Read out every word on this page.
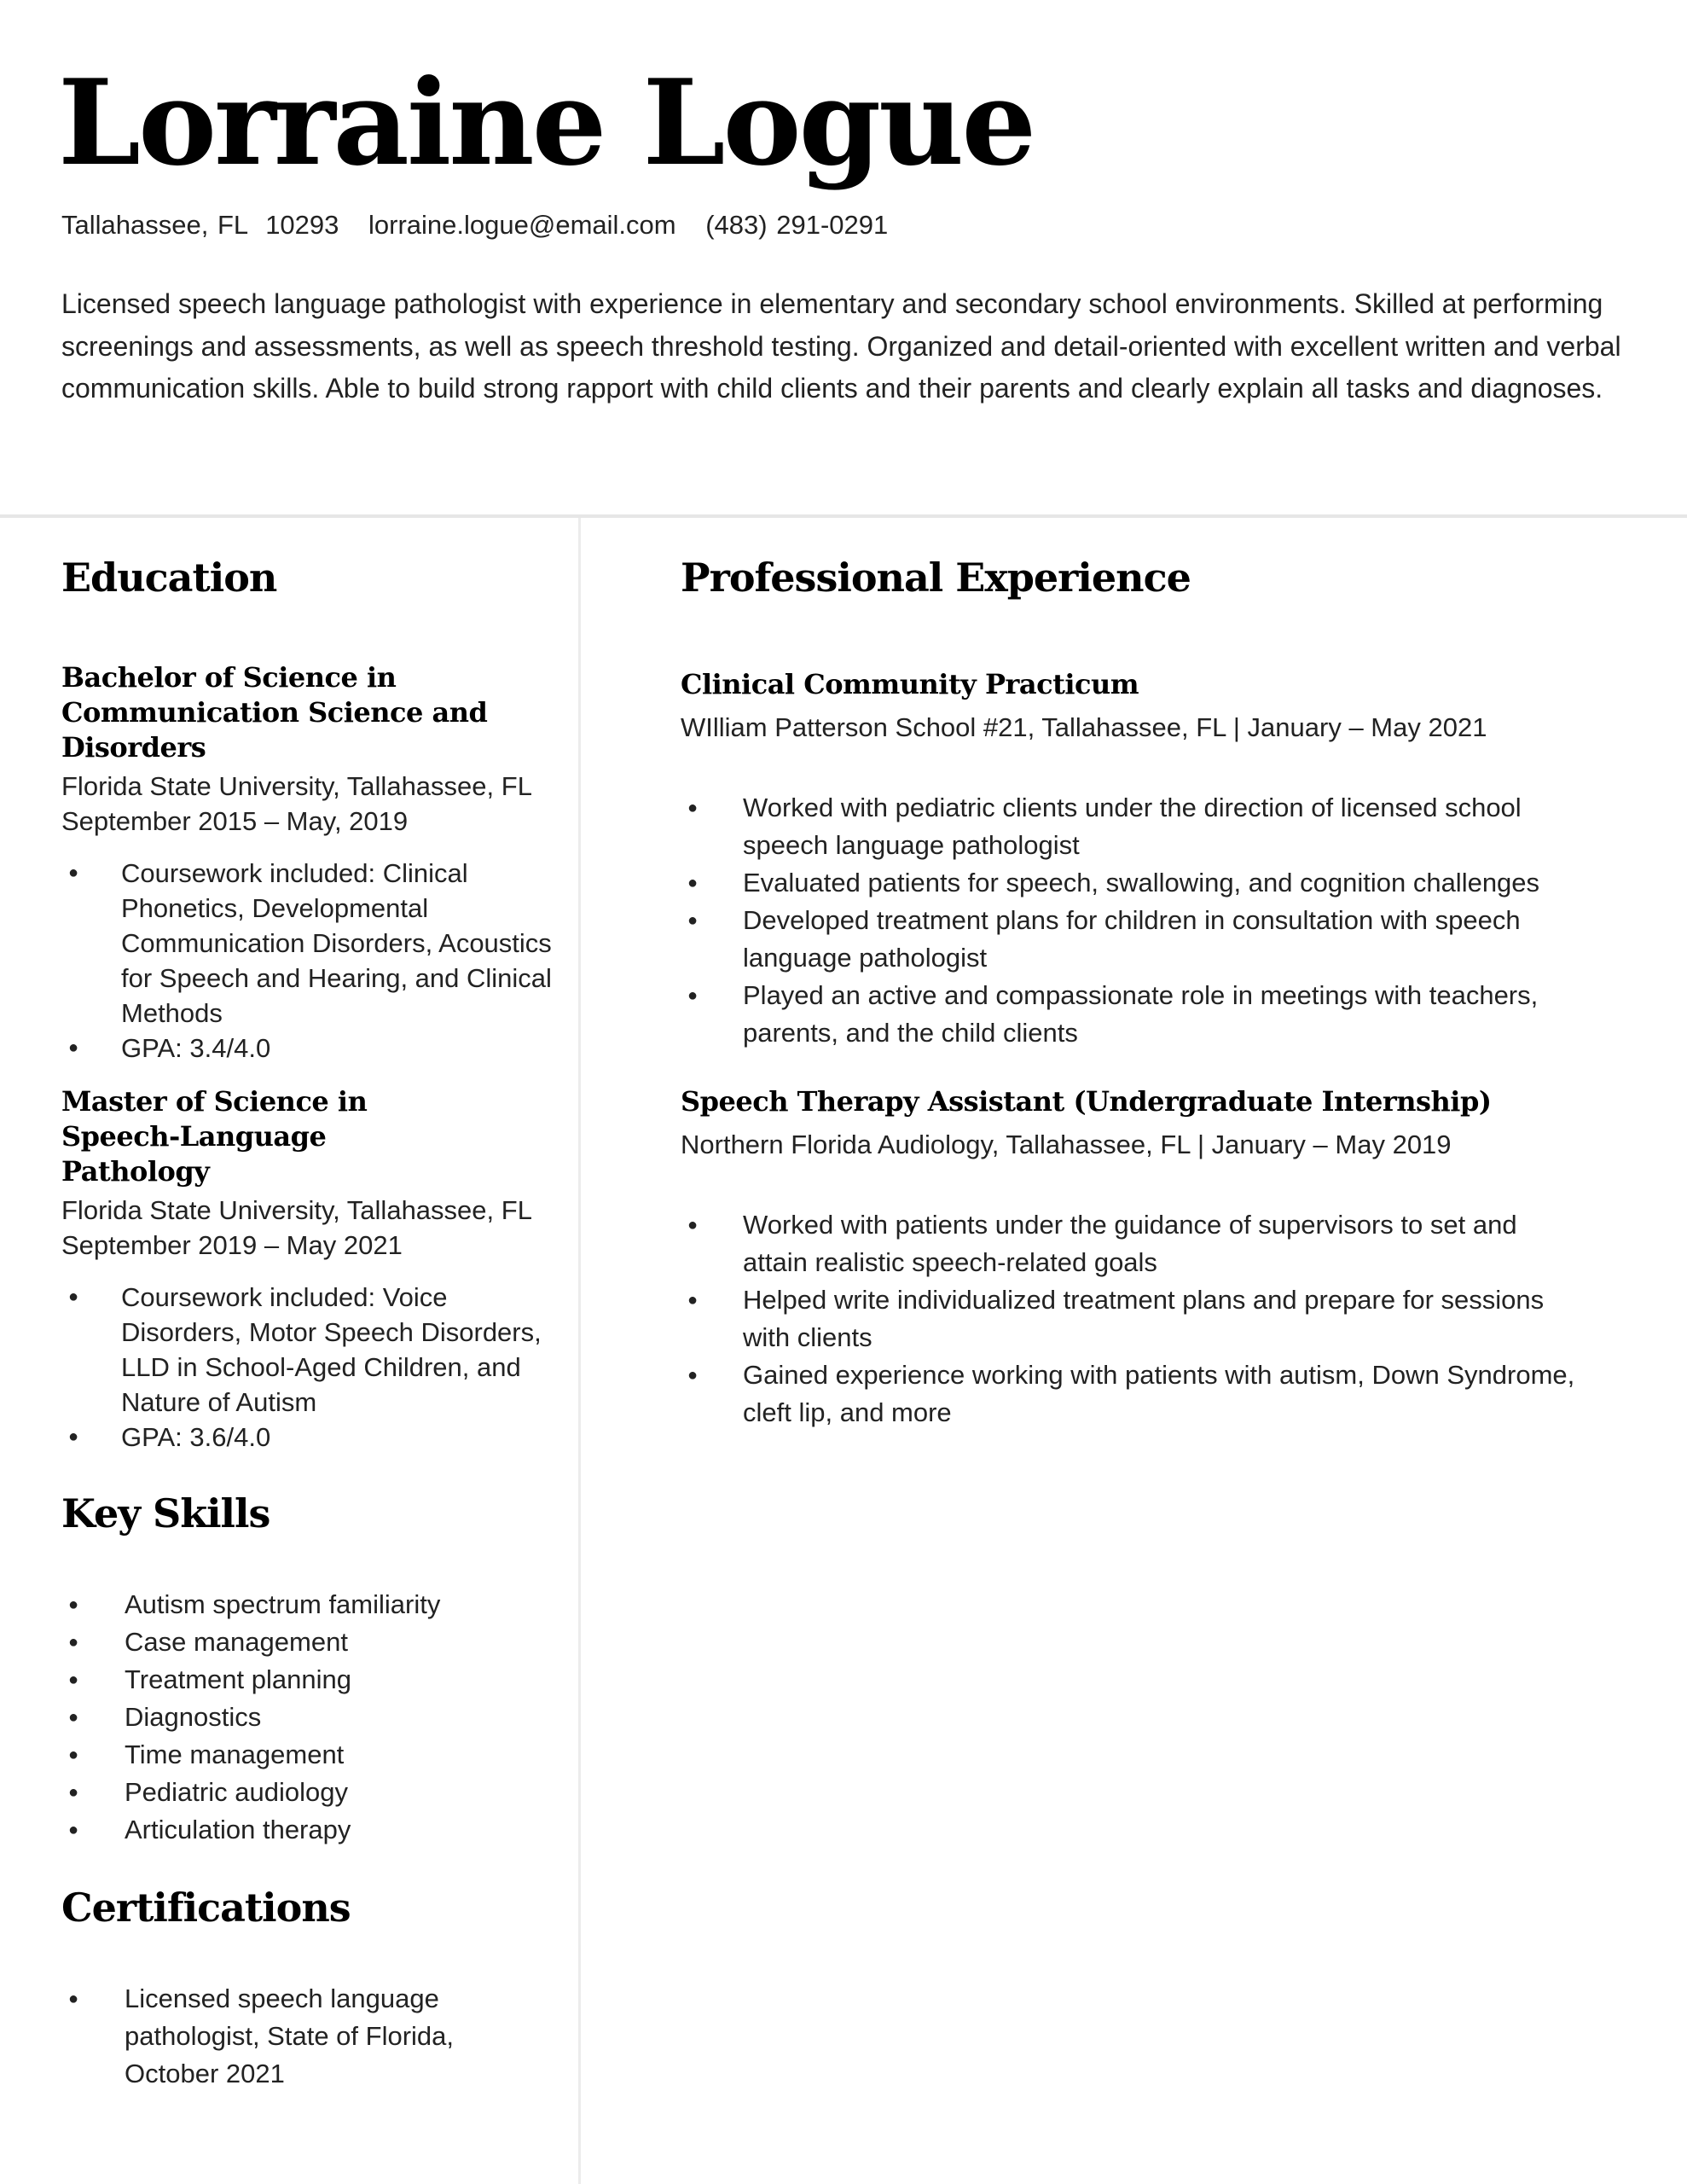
Lorraine Logue
Tallahassee, FL  10293 lorraine.logue@email.com (483) 291-0291
Licensed speech language pathologist with experience in elementary and secondary school environments. Skilled at performing screenings and assessments, as well as speech threshold testing. Organized and detail-oriented with excellent written and verbal communication skills. Able to build strong rapport with child clients and their parents and clearly explain all tasks and diagnoses.
Education
Bachelor of Science in Communication Science and Disorders
Florida State University, Tallahassee, FL
September 2015 – May, 2019
● Coursework included: Clinical Phonetics, Developmental Communication Disorders, Acoustics for Speech and Hearing, and Clinical Methods
● GPA: 3.4/4.0
Master of Science in Speech-Language Pathology
Florida State University, Tallahassee, FL
September 2019 – May 2021
● Coursework included: Voice Disorders, Motor Speech Disorders, LLD in School-Aged Children, and Nature of Autism
● GPA: 3.6/4.0
Key Skills
● Autism spectrum familiarity
● Case management
● Treatment planning
● Diagnostics
● Time management
● Pediatric audiology
● Articulation therapy
Certifications
● Licensed speech language pathologist, State of Florida, October 2021
Professional Experience
Clinical Community Practicum
WIlliam Patterson School #21, Tallahassee, FL | January – May 2021
● Worked with pediatric clients under the direction of licensed school speech language pathologist
● Evaluated patients for speech, swallowing, and cognition challenges
● Developed treatment plans for children in consultation with speech language pathologist
● Played an active and compassionate role in meetings with teachers, parents, and the child clients
Speech Therapy Assistant (Undergraduate Internship)
Northern Florida Audiology, Tallahassee, FL | January – May 2019
● Worked with patients under the guidance of supervisors to set and attain realistic speech-related goals
● Helped write individualized treatment plans and prepare for sessions with clients
● Gained experience working with patients with autism, Down Syndrome, cleft lip, and more
